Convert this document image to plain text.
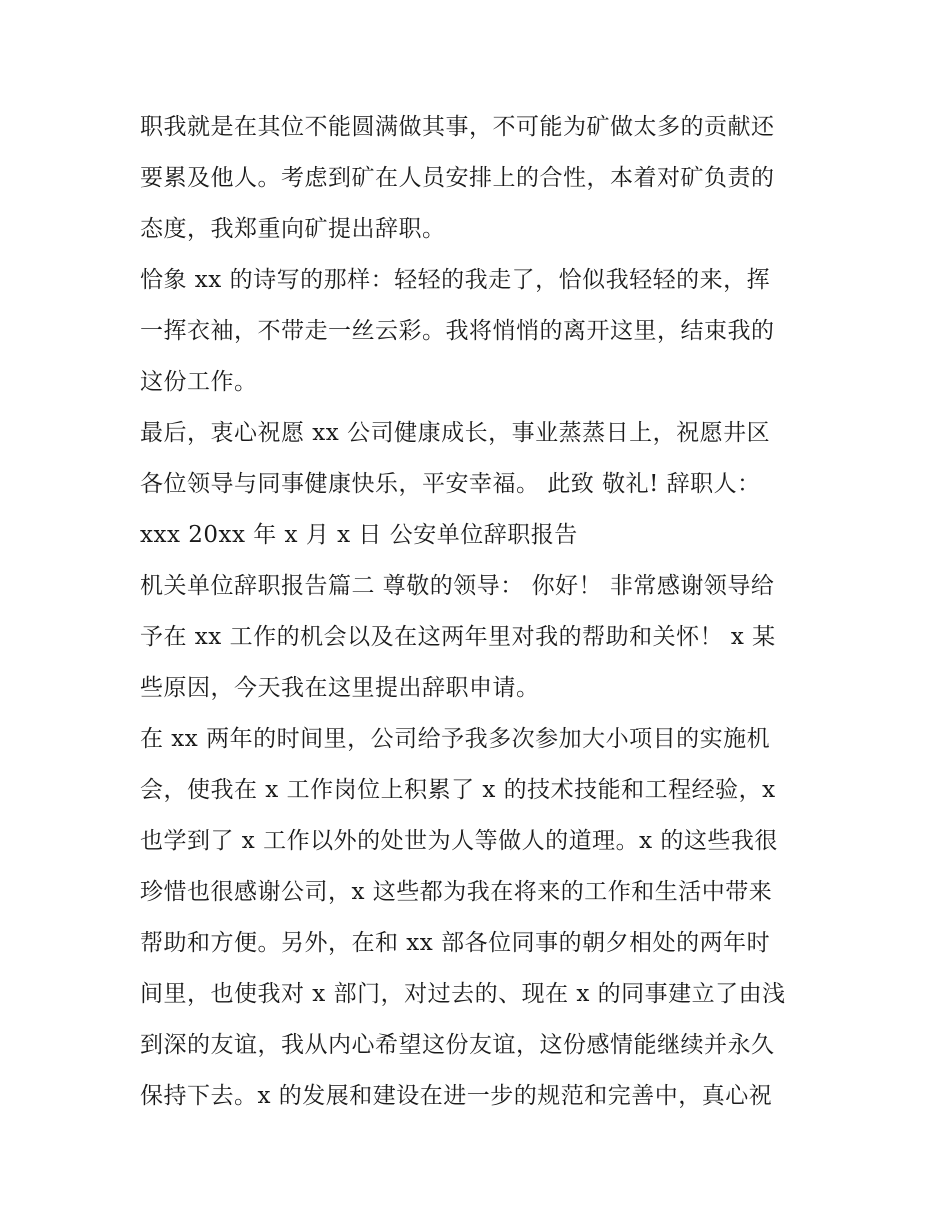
职我就是在其位不能圆满做其事，不可能为矿做太多的贡献还
要累及他人。考虑到矿在人员安排上的合性，本着对矿负责的
态度，我郑重向矿提出辞职。
恰象 xx 的诗写的那样：轻轻的我走了，恰似我轻轻的来，挥
一挥衣袖，不带走一丝云彩。我将悄悄的离开这里，结束我的
这份工作。
最后，衷心祝愿 xx 公司健康成长，事业蒸蒸日上，祝愿井区
各位领导与同事健康快乐，平安幸福。 此致 敬礼! 辞职人：
xxx 20xx 年 x 月 x 日 公安单位辞职报告
机关单位辞职报告篇二 尊敬的领导： 你好！ 非常感谢领导给
予在 xx 工作的机会以及在这两年里对我的帮助和关怀！ x 某
些原因，今天我在这里提出辞职申请。
在 xx 两年的时间里，公司给予我多次参加大小项目的实施机
会，使我在 x 工作岗位上积累了 x 的技术技能和工程经验，x
也学到了 x 工作以外的处世为人等做人的道理。x 的这些我很
珍惜也很感谢公司，x 这些都为我在将来的工作和生活中带来
帮助和方便。另外，在和 xx 部各位同事的朝夕相处的两年时
间里，也使我对 x 部门，对过去的、现在 x 的同事建立了由浅
到深的友谊，我从内心希望这份友谊，这份感情能继续并永久
保持下去。x 的发展和建设在进一步的规范和完善中，真心祝
